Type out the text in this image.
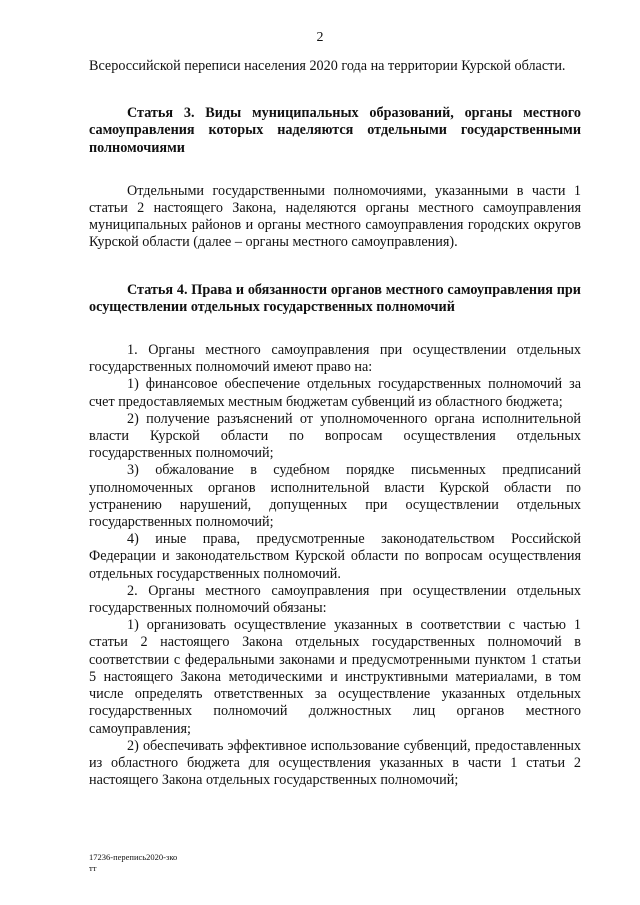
2

Всероссийской переписи населения 2020 года на территории Курской области.

Статья 3. Виды муниципальных образований, органы местного самоуправления которых наделяются отдельными государственными полномочиями

Отдельными государственными полномочиями, указанными в части 1 статьи 2 настоящего Закона, наделяются органы местного самоуправления муниципальных районов и органы местного самоуправления городских округов Курской области (далее – органы местного самоуправления).

Статья 4. Права и обязанности органов местного самоуправления при осуществлении отдельных государственных полномочий

1. Органы местного самоуправления при осуществлении отдельных государственных полномочий имеют право на:

1) финансовое обеспечение отдельных государственных полномочий за счет предоставляемых местным бюджетам субвенций из областного бюджета;

2) получение разъяснений от уполномоченного органа исполнительной власти Курской области по вопросам осуществления отдельных государственных полномочий;

3) обжалование в судебном порядке письменных предписаний уполномоченных органов исполнительной власти Курской области по устранению нарушений, допущенных при осуществлении отдельных государственных полномочий;

4) иные права, предусмотренные законодательством Российской Федерации и законодательством Курской области по вопросам осуществления отдельных государственных полномочий.

2. Органы местного самоуправления при осуществлении отдельных государственных полномочий обязаны:

1) организовать осуществление указанных в соответствии с частью 1 статьи 2 настоящего Закона отдельных государственных полномочий в соответствии с федеральными законами и предусмотренными пунктом 1 статьи 5 настоящего Закона методическими и инструктивными материалами, в том числе определять ответственных за осуществление указанных отдельных государственных полномочий должностных лиц органов местного самоуправления;

2) обеспечивать эффективное использование субвенций, предоставленных из областного бюджета для осуществления указанных в части 1 статьи 2 настоящего Закона отдельных государственных полномочий;

17236-перепись2020-зко
тт
